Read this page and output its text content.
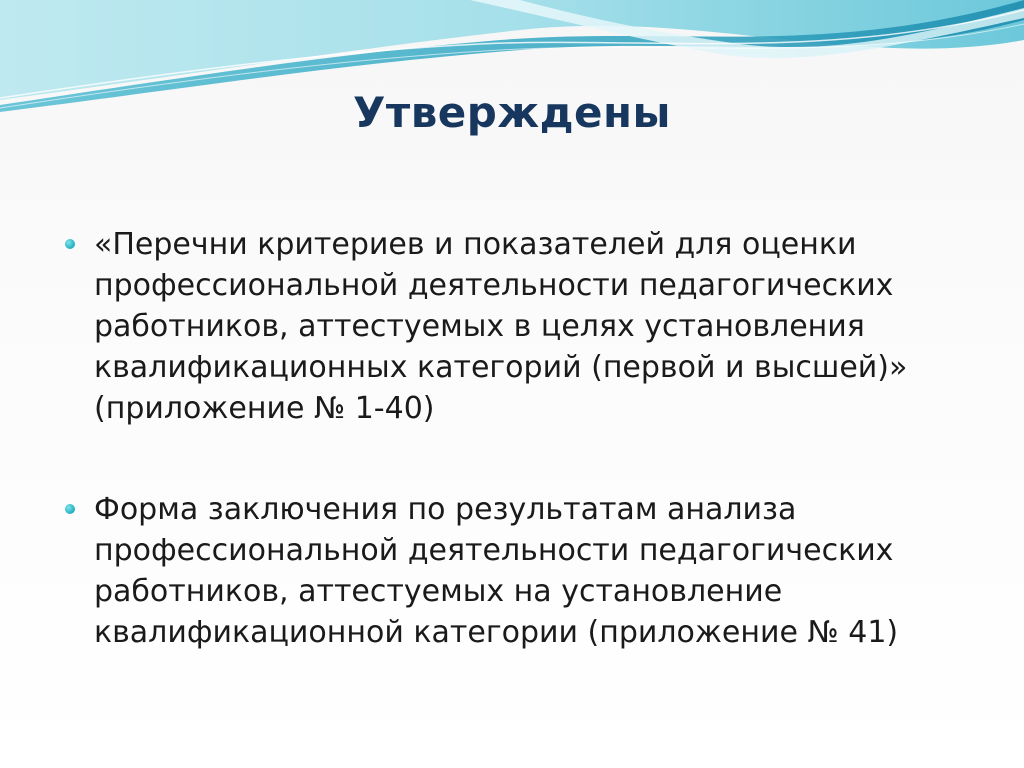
Утверждены
«Перечни критериев и показателей для оценки
профессиональной деятельности педагогических
работников, аттестуемых в целях установления
квалификационных категорий (первой и высшей)»
(приложение № 1-40)
Форма заключения по результатам анализа
профессиональной деятельности педагогических
работников, аттестуемых на установление
квалификационной категории (приложение № 41)
